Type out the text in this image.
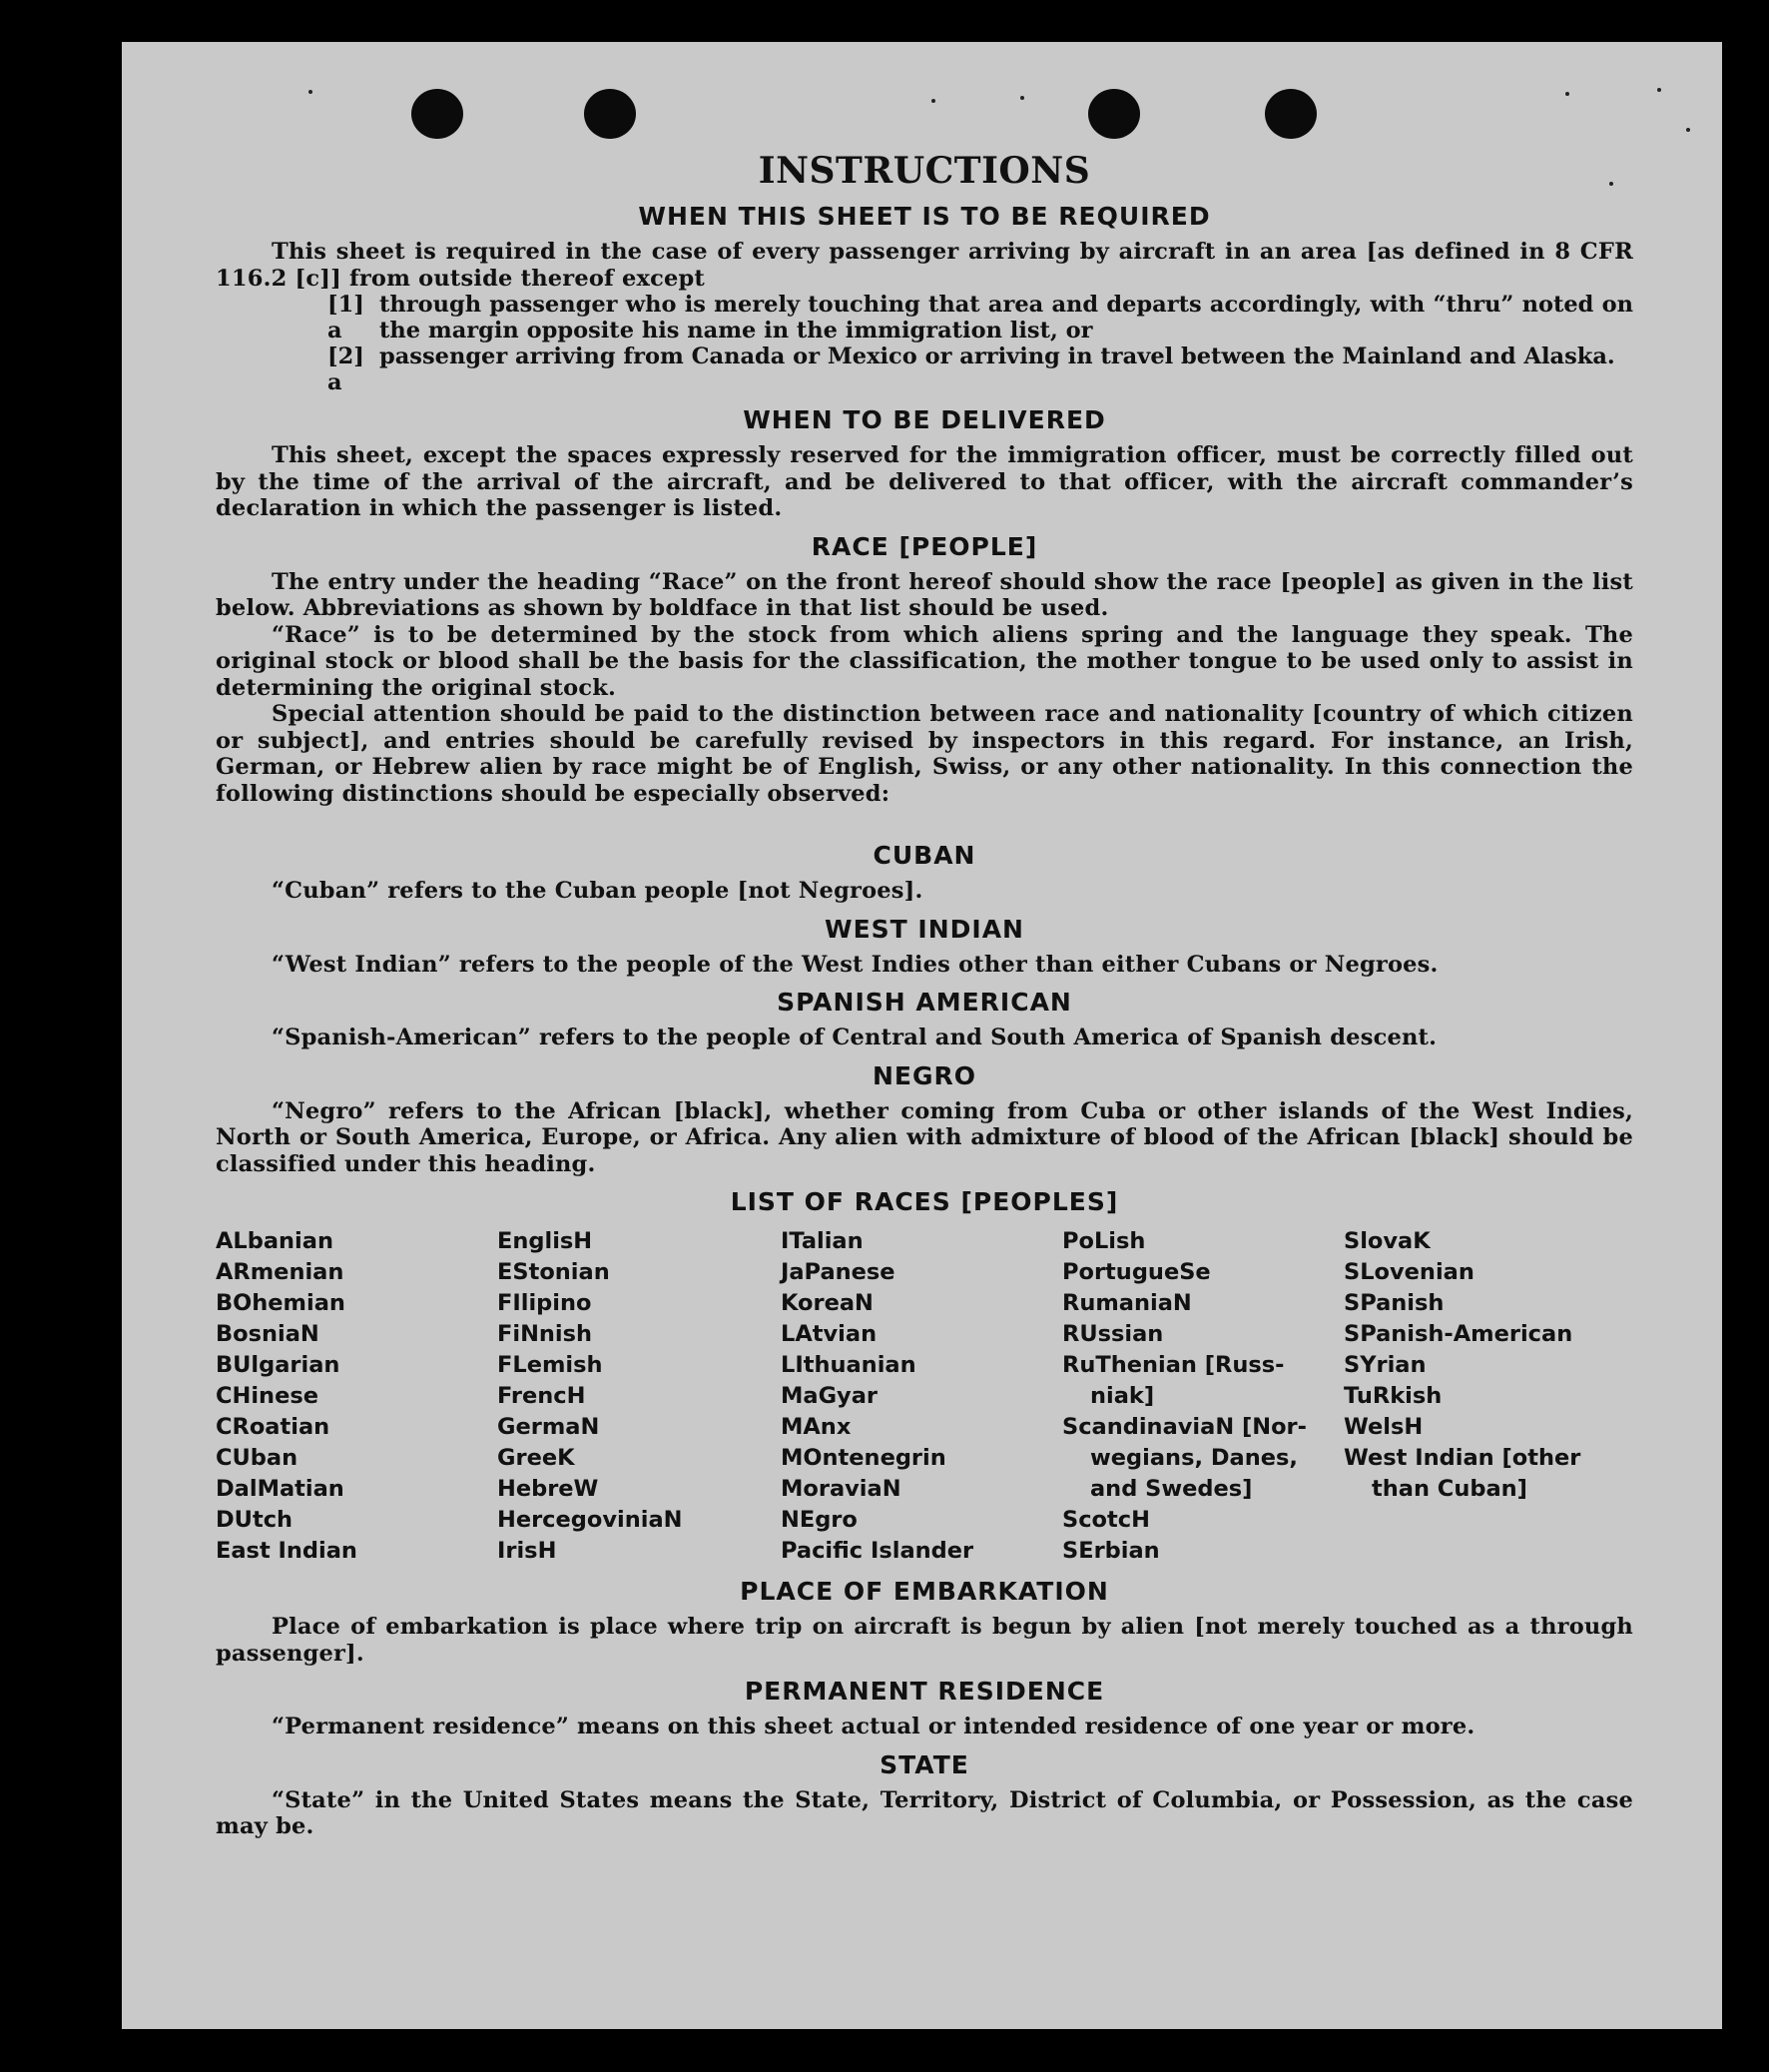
INSTRUCTIONS
WHEN THIS SHEET IS TO BE REQUIRED

This sheet is required in the case of every passenger arriving by aircraft in an area [as defined in 8 CFR 116.2 [c]] from outside thereof except

[1] a
through passenger who is merely touching that area and departs accordingly, with “thru” noted on the margin opposite his name in the immigration list, or
[2] a
passenger arriving from Canada or Mexico or arriving in travel between the Mainland and Alaska.
WHEN TO BE DELIVERED

This sheet, except the spaces expressly reserved for the immigration officer, must be correctly filled out by the time of the arrival of the aircraft, and be delivered to that officer, with the aircraft commander’s declaration in which the passenger is listed.

RACE [PEOPLE]

The entry under the heading “Race” on the front hereof should show the race [people] as given in the list below. Abbreviations as shown by boldface in that list should be used.

“Race” is to be determined by the stock from which aliens spring and the language they speak. The original stock or blood shall be the basis for the classification, the mother tongue to be used only to assist in determining the original stock.

Special attention should be paid to the distinction between race and nationality [country of which citizen or subject], and entries should be carefully revised by inspectors in this regard. For instance, an Irish, German, or Hebrew alien by race might be of English, Swiss, or any other nationality. In this connection the following distinctions should be especially observed:

CUBAN

“Cuban” refers to the Cuban people [not Negroes].

WEST INDIAN

“West Indian” refers to the people of the West Indies other than either Cubans or Negroes.

SPANISH AMERICAN

“Spanish-American” refers to the people of Central and South America of Spanish descent.

NEGRO

“Negro” refers to the African [black], whether coming from Cuba or other islands of the West Indies, North or South America, Europe, or Africa. Any alien with admixture of blood of the African [black] should be classified under this heading.

LIST OF RACES [PEOPLES]
ALbanian
ARmenian
BOhemian
BosniaN
BUlgarian
CHinese
CRoatian
CUban
DalMatian
DUtch
East Indian
EnglisH
EStonian
FIlipino
FiNnish
FLemish
FrencH
GermaN
GreeK
HebreW
HercegoviniaN
IrisH
ITalian
JaPanese
KoreaN
LAtvian
LIthuanian
MaGyar
MAnx
MOntenegrin
MoraviaN
NEgro
Pacific Islander
PoLish
PortugueSe
RumaniaN
RUssian
RuThenian [Russ-
niak]
ScandinaviaN [Nor-
wegians, Danes,
and Swedes]
ScotcH
SErbian
SlovaK
SLovenian
SPanish
SPanish-American
SYrian
TuRkish
WelsH
West Indian [other
than Cuban]
PLACE OF EMBARKATION

Place of embarkation is place where trip on aircraft is begun by alien [not merely touched as a through passenger].

PERMANENT RESIDENCE

“Permanent residence” means on this sheet actual or intended residence of one year or more.

STATE

“State” in the United States means the State, Territory, District of Columbia, or Possession, as the case may be.
